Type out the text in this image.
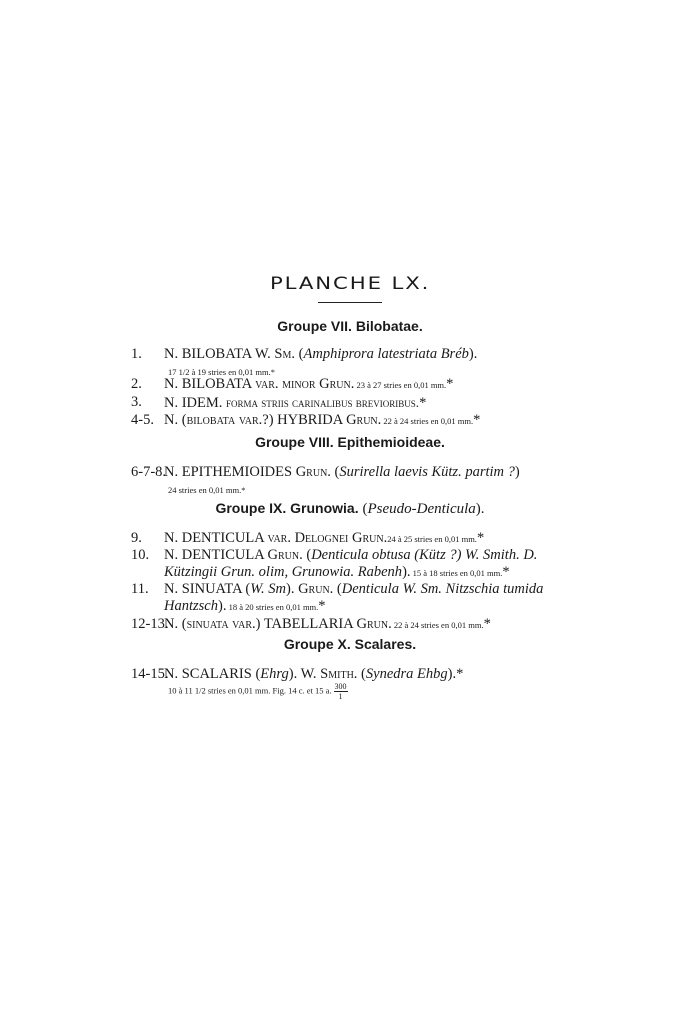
PLANCHE LX.
Groupe VII. Bilobatae.
1. N. BILOBATA W. Sm. (Amphiprora latestriata Bréb).
17 1/2 à 19 stries en 0,01 mm.*
2. N. BILOBATA var. minor Grun. 23 à 27 stries en 0,01 mm.*
3. N. IDEM. forma striis carinalibus brevioribus.*
4-5. N. (bilobata var.?) HYBRIDA Grun. 22 à 24 stries en 0,01 mm.*
Groupe VIII. Epithemioideae.
6-7-8.
N. EPITHEMIOIDES Grun. (Surirella laevis Kütz. partim ?)
24 stries en 0,01 mm.*
Groupe IX. Grunowia. (Pseudo-Denticula).
9. N. DENTICULA var. Delognei Grun.24 à 25 stries en 0,01 mm.*
10. N. DENTICULA Grun. (Denticula obtusa (Kütz ?) W. Smith. D.
Kützingii Grun. olim, Grunowia. Rabenh). 15 à 18 stries en 0,01 mm.*
11. N. SINUATA (W. Sm). Grun. (Denticula W. Sm. Nitzschia tumida
Hantzsch). 18 à 20 stries en 0,01 mm.*
12-13.
N. (sinuata var.) TABELLARIA Grun. 22 à 24 stries en 0,01 mm.*
Groupe X. Scalares.
14-15.
N. SCALARIS (Ehrg). W. Smith. (Synedra Ehbg).*
10 à 11 1/2 stries en 0,01 mm. Fig. 14 c. et 15 a. $\frac{300}{1}$
